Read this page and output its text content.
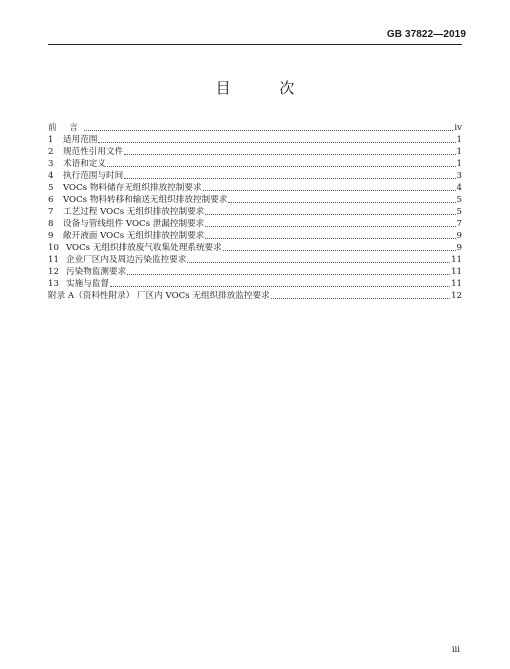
GB 37822—2019
目 次
前 言	iv
1	适用范围	1
2	规范性引用文件	1
3	术语和定义	1
4	执行范围与时间	3
5	VOCs 物料储存无组织排放控制要求	4
6	VOCs 物料转移和输送无组织排放控制要求	5
7	工艺过程 VOCs 无组织排放控制要求	5
8	设备与管线组件 VOCs 泄漏控制要求	7
9	敞开液面 VOCs 无组织排放控制要求	9
10 VOCs 无组织排放废气收集处理系统要求	9
11 企业厂区内及周边污染监控要求	11
12 污染物监测要求	11
13 实施与监督	11
附录 A（资料性附录） 厂区内 VOCs 无组织排放监控要求	12
iii
